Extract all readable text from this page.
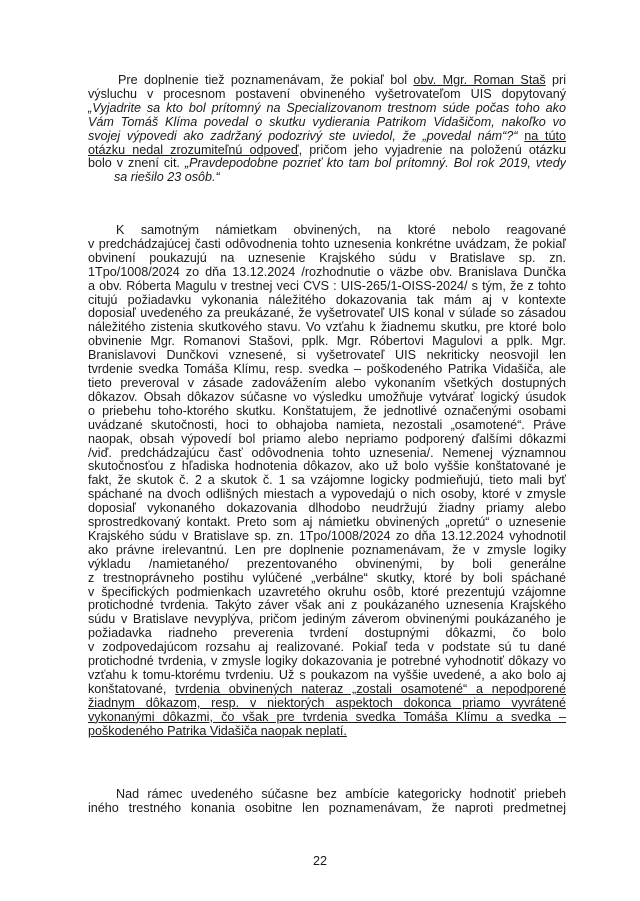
Pre doplnenie tiež poznamenávam, že pokiaľ bol obv. Mgr. Roman Staš pri
výsluchu v procesnom postavení obvineného vyšetrovateľom ÚIS dopytovaný
„Vyjadrite sa kto bol prítomný na Špecializovanom trestnom súde počas toho ako
Vám Tomáš Klíma povedal o skutku vydierania Patrikom Vidašičom, nakoľko vo
svojej výpovedi ako zadržaný podozrivý ste uviedol, že „povedal nám“?“ na túto
otázku nedal zrozumiteľnú odpoveď, pričom jeho vyjadrenie na položenú otázku
bolo v znení cit. „Pravdepodobne pozrieť kto tam bol prítomný. Bol rok 2019, vtedy
sa riešilo 23 osôb.“

K samotným námietkam obvinených, na ktoré nebolo reagované
v predchádzajúcej časti odôvodnenia tohto uznesenia konkrétne uvádzam, že pokiaľ
obvinení poukazujú na uznesenie Krajského súdu v Bratislave sp. zn.
1Tpo/1008/2024 zo dňa 13.12.2024 /rozhodnutie o väzbe obv. Branislava Dunčka
a obv. Róberta Magulu v trestnej veci ČVS : UIS-265/1-OISS-2024/ s tým, že z tohto
citujú požiadavku vykonania náležitého dokazovania tak mám aj v kontexte
doposiaľ uvedeného za preukázané, že vyšetrovateľ ÚIS konal v súlade so zásadou
náležitého zistenia skutkového stavu. Vo vzťahu k žiadnemu skutku, pre ktoré bolo
obvinenie Mgr. Romanovi Stašovi, pplk. Mgr. Róbertovi Magulovi a pplk. Mgr.
Branislavovi Dunčkovi vznesené, si vyšetrovateľ ÚIS nekriticky neosvojil len
tvrdenie svedka Tomáša Klímu, resp. svedka – poškodeného Patrika Vidašiča, ale
tieto preveroval v zásade zadovážením alebo vykonaním všetkých dostupných
dôkazov. Obsah dôkazov súčasne vo výsledku umožňuje vytvárať logický úsudok
o priebehu toho-ktorého skutku. Konštatujem, že jednotlivé označenými osobami
uvádzané skutočnosti, hoci to obhajoba namieta, nezostali „osamotené“. Práve
naopak, obsah výpovedí bol priamo alebo nepriamo podporený ďalšími dôkazmi
/viď. predchádzajúcu časť odôvodnenia tohto uznesenia/. Nemenej významnou
skutočnosťou z hľadiska hodnotenia dôkazov, ako už bolo vyššie konštatované je
fakt, že skutok č. 2 a skutok č. 1 sa vzájomne logicky podmieňujú, tieto mali byť
spáchané na dvoch odlišných miestach a vypovedajú o nich osoby, ktoré v zmysle
doposiaľ vykonaného dokazovania dlhodobo neudržujú žiadny priamy alebo
sprostredkovaný kontakt. Preto som aj námietku obvinených „opretú“ o uznesenie
Krajského súdu v Bratislave sp. zn. 1Tpo/1008/2024 zo dňa 13.12.2024 vyhodnotil
ako právne irelevantnú. Len pre doplnenie poznamenávam, že v zmysle logiky
výkladu /namietaného/ prezentovaného obvinenými, by boli generálne
z trestnoprávneho postihu vylúčené „verbálne“ skutky, ktoré by boli spáchané
v špecifických podmienkach uzavretého okruhu osôb, ktoré prezentujú vzájomne
protichodné tvrdenia. Takýto záver však ani z poukázaného uznesenia Krajského
súdu v Bratislave nevyplýva, pričom jediným záverom obvinenými poukázaného je
požiadavka riadneho preverenia tvrdení dostupnými dôkazmi, čo bolo
v zodpovedajúcom rozsahu aj realizované. Pokiaľ teda v podstate sú tu dané
protichodné tvrdenia, v zmysle logiky dokazovania je potrebné vyhodnotiť dôkazy vo
vzťahu k tomu-ktorému tvrdeniu. Už s poukazom na vyššie uvedené, a ako bolo aj
konštatované, tvrdenia obvinených nateraz „zostali osamotené“ a nepodporené
žiadnym dôkazom, resp. v niektorých aspektoch dokonca priamo vyvrátené
vykonanými dôkazmi, čo však pre tvrdenia svedka Tomáša Klímu a svedka –
poškodeného Patrika Vidašiča naopak neplatí.

Nad rámec uvedeného súčasne bez ambície kategoricky hodnotiť priebeh
iného trestného konania osobitne len poznamenávam, že naproti predmetnej

22
